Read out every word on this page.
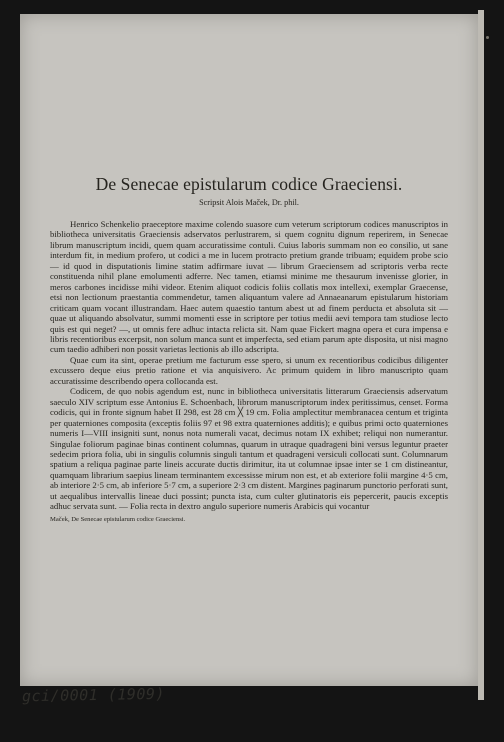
De Senecae epistularum codice Graeciensi.
Scripsit Alois Maček, Dr. phil.

Henrico Schenkelio praeceptore maxime colendo suasore cum veterum scriptorum codices manuscriptos in bibliotheca universitatis Graeciensis adservatos perlustrarem, si quem cognitu dignum reperirem, in Senecae librum manuscriptum incidi, quem quam accuratissime contuli. Cuius laboris summam non eo consilio, ut sane interdum fit, in medium profero, ut codici a me in lucem protracto pretium grande tribuam; equidem probe scio — id quod in disputationis limine statim adfirmare iuvat — librum Graeciensem ad scriptoris verba recte constituenda nihil plane emolumenti adferre. Nec tamen, etiamsi minime me thesaurum invenisse glorier, in meros carbones incidisse mihi videor. Etenim aliquot codicis foliis collatis mox intellexi, exemplar Graecense, etsi non lectionum praestantia commendetur, tamen aliquantum valere ad Annaeanarum epistularum historiam criticam quam vocant illustrandam. Haec autem quaestio tantum abest ut ad finem perducta et absoluta sit — quae ut aliquando absolvatur, summi momenti esse in scriptore per totius medii aevi tempora tam studiose lecto quis est qui neget? —, ut omnis fere adhuc intacta relicta sit. Nam quae Fickert magna opera et cura impensa e libris recentioribus excerpsit, non solum manca sunt et imperfecta, sed etiam parum apte disposita, ut nisi magno cum taedio adhiberi non possit varietas lectionis ab illo adscripta.

Quae cum ita sint, operae pretium me facturum esse spero, si unum ex recentioribus codicibus diligenter excussero deque eius pretio ratione et via anquisivero. Ac primum quidem in libro manuscripto quam accuratissime describendo opera collocanda est.

Codicem, de quo nobis agendum est, nunc in bibliotheca universitatis litterarum Graeciensis adservatum saeculo XIV scriptum esse Antonius E. Schoenbach, librorum manuscriptorum index peritissimus, censet. Forma codicis, qui in fronte signum habet II 298, est 28 cm ╳ 19 cm. Folia amplectitur membranacea centum et triginta per quaterniones composita (exceptis foliis 97 et 98 extra quaterniones additis); e quibus primi octo quaterniones numeris I—VIII insigniti sunt, nonus nota numerali vacat, decimus notam IX exhibet; reliqui non numerantur. Singulae foliorum paginae binas continent columnas, quarum in utraque quadrageni bini versus leguntur praeter sedecim priora folia, ubi in singulis columnis singuli tantum et quadrageni versiculi collocati sunt. Columnarum spatium a reliqua paginae parte lineis accurate ductis dirimitur, ita ut columnae ipsae inter se 1 cm distineantur, quamquam librarium saepius lineam terminantem excessisse mirum non est, et ab exteriore folii margine 4·5 cm, ab interiore 2·5 cm, ab inferiore 5·7 cm, a superiore 2·3 cm distent. Margines paginarum punctorio perforati sunt, ut aequalibus intervallis lineae duci possint; puncta ista, cum culter glutinatoris eis pepercerit, paucis exceptis adhuc servata sunt. — Folia recta in dextro angulo superiore numeris Arabicis qui vocantur

Maček, De Senecae epistularum codice Graeciensi.
gci/0001 (1909)
